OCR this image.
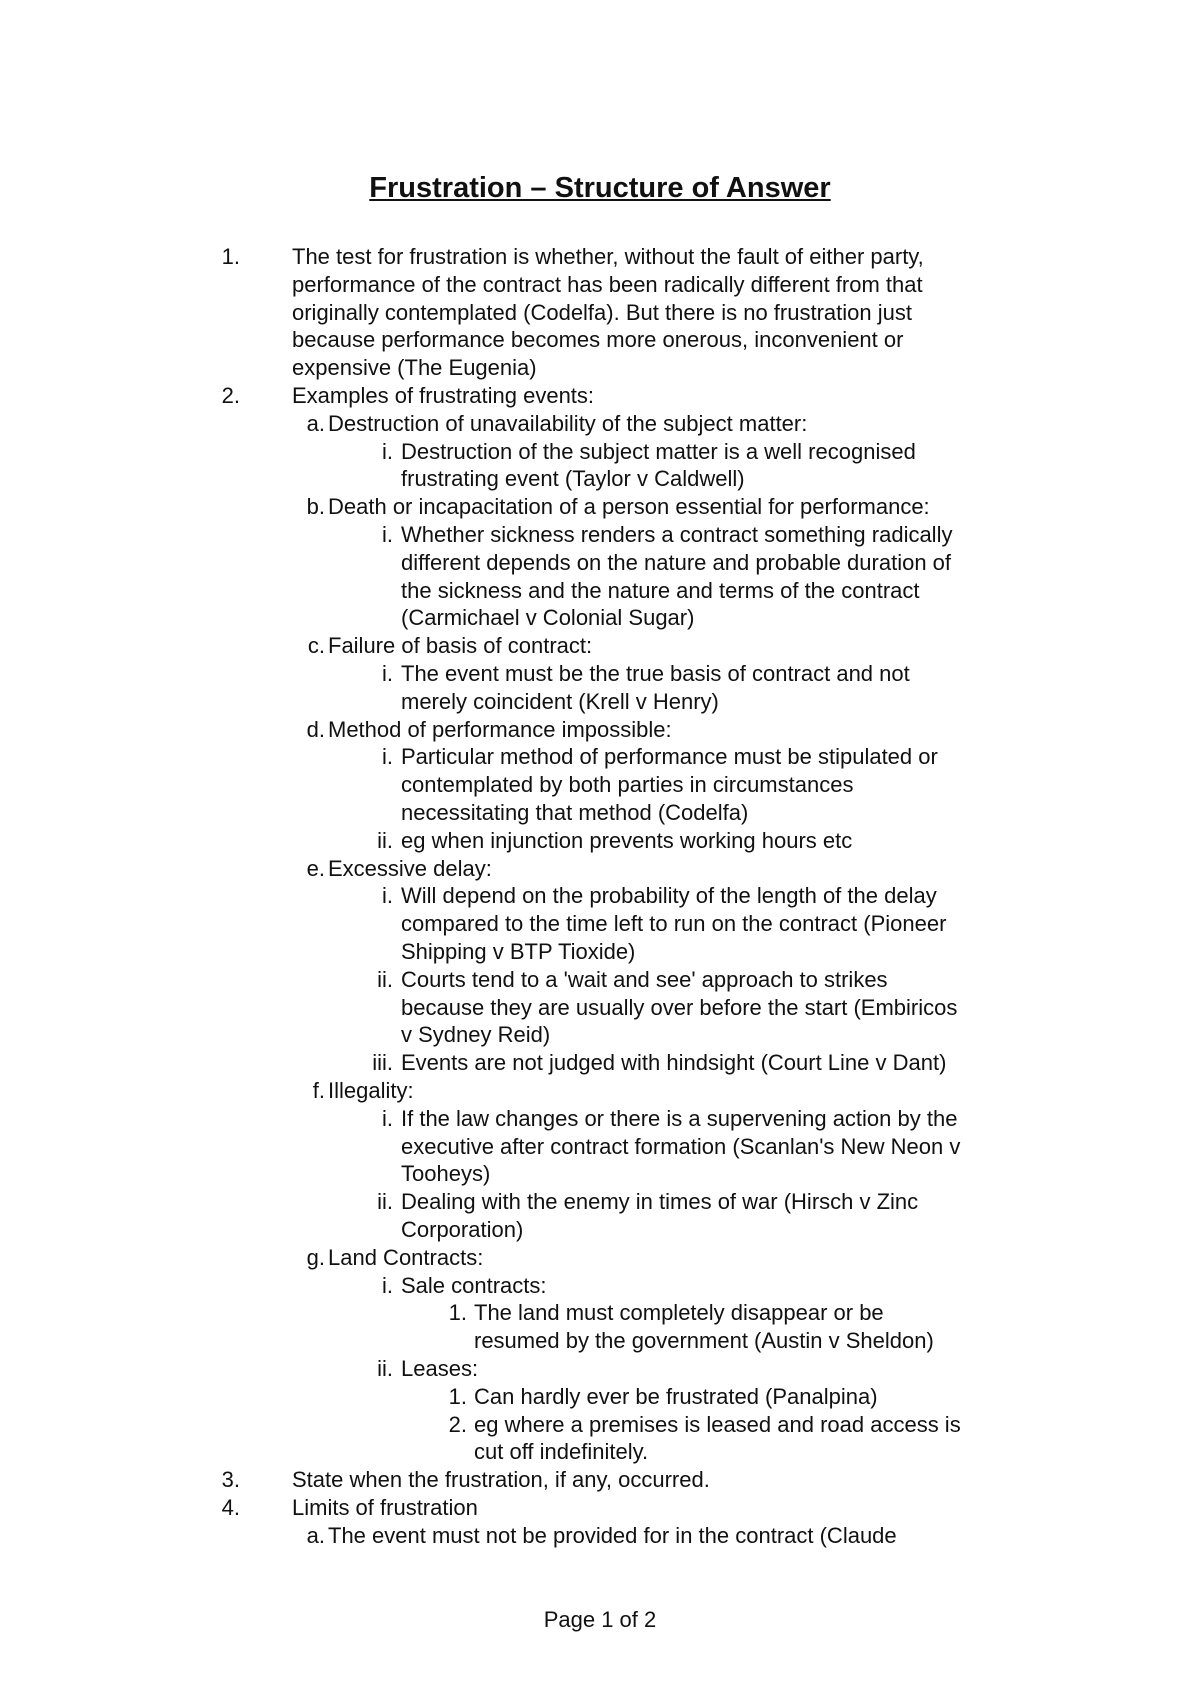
Frustration – Structure of Answer
1. The test for frustration is whether, without the fault of either party,
performance of the contract has been radically different from that
originally contemplated (Codelfa). But there is no frustration just
because performance becomes more onerous, inconvenient or
expensive (The Eugenia)
2. Examples of frustrating events:
a. Destruction of unavailability of the subject matter:
i. Destruction of the subject matter is a well recognised
frustrating event (Taylor v Caldwell)
b. Death or incapacitation of a person essential for performance:
i. Whether sickness renders a contract something radically
different depends on the nature and probable duration of
the sickness and the nature and terms of the contract
(Carmichael v Colonial Sugar)
c. Failure of basis of contract:
i. The event must be the true basis of contract and not
merely coincident (Krell v Henry)
d. Method of performance impossible:
i. Particular method of performance must be stipulated or
contemplated by both parties in circumstances
necessitating that method (Codelfa)
ii. eg when injunction prevents working hours etc
e. Excessive delay:
i. Will depend on the probability of the length of the delay
compared to the time left to run on the contract (Pioneer
Shipping v BTP Tioxide)
ii. Courts tend to a 'wait and see' approach to strikes
because they are usually over before the start (Embiricos
v Sydney Reid)
iii. Events are not judged with hindsight (Court Line v Dant)
f. Illegality:
i. If the law changes or there is a supervening action by the
executive after contract formation (Scanlan's New Neon v
Tooheys)
ii. Dealing with the enemy in times of war (Hirsch v Zinc
Corporation)
g. Land Contracts:
i. Sale contracts:
1. The land must completely disappear or be
resumed by the government (Austin v Sheldon)
ii. Leases:
1. Can hardly ever be frustrated (Panalpina)
2. eg where a premises is leased and road access is
cut off indefinitely.
3. State when the frustration, if any, occurred.
4. Limits of frustration
a. The event must not be provided for in the contract (Claude
Page 1 of 2
